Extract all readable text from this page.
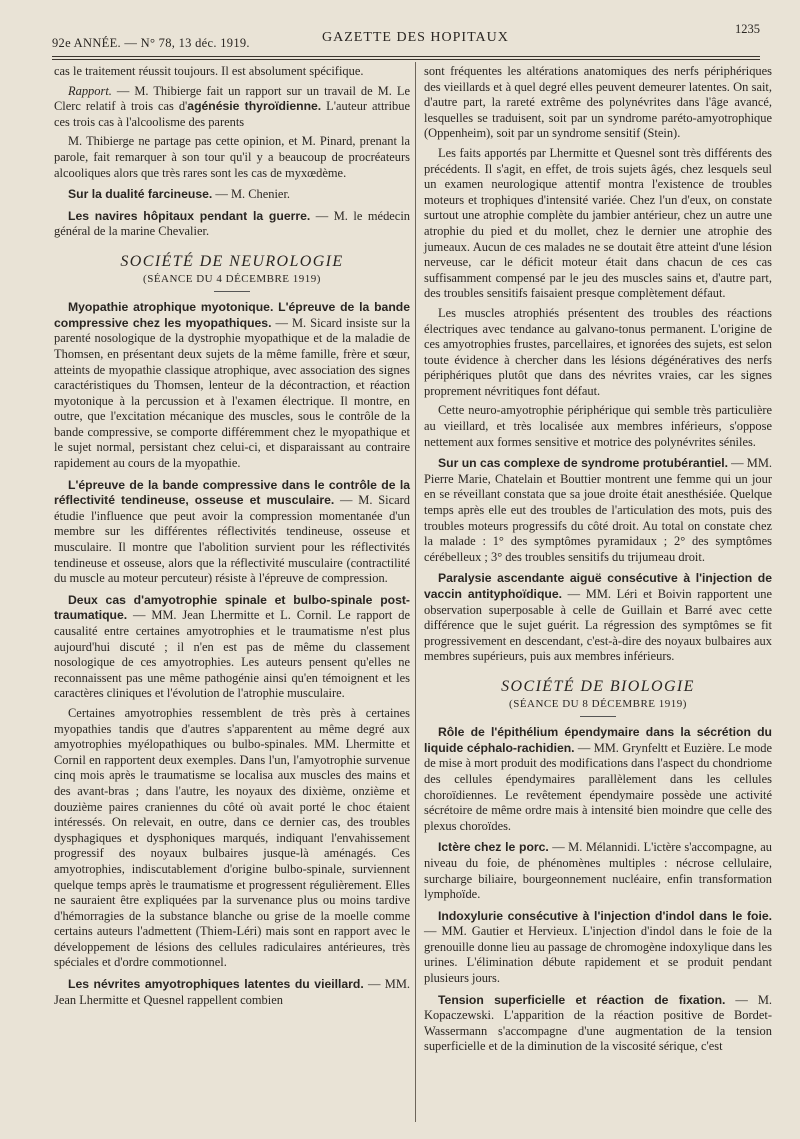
92e ANNÉE. — N° 78, 13 déc. 1919.	GAZETTE DES HOPITAUX
1235

cas le traitement réussit toujours. Il est absolument spécifique.

Rapport. — M. Thibierge fait un rapport sur un travail de M. Le Clerc relatif à trois cas d'agénésie thyroïdienne. L'auteur attribue ces trois cas à l'alcoolisme des parents

M. Thibierge ne partage pas cette opinion, et M. Pinard, prenant la parole, fait remarquer à son tour qu'il y a beaucoup de procréateurs alcooliques alors que très rares sont les cas de myxœdème.

Sur la dualité farcineuse. — M. Chenier.

Les navires hôpitaux pendant la guerre. — M. le médecin général de la marine Chevalier.

SOCIÉTÉ DE NEUROLOGIE

(SÉANCE DU 4 DÉCEMBRE 1919)

Myopathie atrophique myotonique. L'épreuve de la bande compressive chez les myopathiques. — M. Sicard insiste sur la parenté nosologique de la dystrophie myopathique et de la maladie de Thomsen, en présentant deux sujets de la même famille, frère et sœur, atteints de myopathie classique atrophique, avec association des signes caractéristiques du Thomsen, lenteur de la décontraction, et réaction myotonique à la percussion et à l'examen électrique. Il montre, en outre, que l'excitation mécanique des muscles, sous le contrôle de la bande compressive, se comporte différemment chez le myopathique et le sujet normal, persistant chez celui-ci, et disparaissant au contraire rapidement au cours de la myopathie.

L'épreuve de la bande compressive dans le contrôle de la réflectivité tendineuse, osseuse et musculaire. — M. Sicard étudie l'influence que peut avoir la compression momentanée d'un membre sur les différentes réflectivités tendineuse, osseuse et musculaire. Il montre que l'abolition survient pour les réflectivités tendineuse et osseuse, alors que la réflectivité musculaire (contractilité du muscle au moteur percuteur) résiste à l'épreuve de compression.

Deux cas d'amyotrophie spinale et bulbo-spinale post-traumatique. — MM. Jean Lhermitte et L. Cornil. Le rapport de causalité entre certaines amyotrophies et le traumatisme n'est plus aujourd'hui discuté ; il n'en est pas de même du classement nosologique de ces amyotrophies. Les auteurs pensent qu'elles ne reconnaissent pas une même pathogénie ainsi qu'en témoignent et les caractères cliniques et l'évolution de l'atrophie musculaire.

Certaines amyotrophies ressemblent de très près à certaines myopathies tandis que d'autres s'apparentent au même degré aux amyotrophies myélopathiques ou bulbo-spinales. MM. Lhermitte et Cornil en rapportent deux exemples. Dans l'un, l'amyotrophie survenue cinq mois après le traumatisme se localisa aux muscles des mains et des avant-bras ; dans l'autre, les noyaux des dixième, onzième et douzième paires craniennes du côté où avait porté le choc étaient intéressés. On relevait, en outre, dans ce dernier cas, des troubles dysphagiques et dysphoniques marqués, indiquant l'envahissement progressif des noyaux bulbaires jusque-là aménagés. Ces amyotrophies, indiscutablement d'origine bulbo-spinale, surviennent quelque temps après le traumatisme et progressent régulièrement. Elles ne sauraient être expliquées par la survenance plus ou moins tardive d'hémorragies de la substance blanche ou grise de la moelle comme certains auteurs l'admettent (Thiem-Léri) mais sont en rapport avec le développement de lésions des cellules radiculaires antérieures, très spéciales et d'ordre commotionnel.

Les névrites amyotrophiques latentes du vieillard. — MM. Jean Lhermitte et Quesnel rappellent combien

sont fréquentes les altérations anatomiques des nerfs périphériques des vieillards et à quel degré elles peuvent demeurer latentes. On sait, d'autre part, la rareté extrême des polynévrites dans l'âge avancé, lesquelles se traduisent, soit par un syndrome paréto-amyotrophique (Oppenheim), soit par un syndrome sensitif (Stein).

Les faits apportés par Lhermitte et Quesnel sont très différents des précédents. Il s'agit, en effet, de trois sujets âgés, chez lesquels seul un examen neurologique attentif montra l'existence de troubles moteurs et trophiques d'intensité variée. Chez l'un d'eux, on constate surtout une atrophie complète du jambier antérieur, chez un autre une atrophie du pied et du mollet, chez le dernier une atrophie des jumeaux. Aucun de ces malades ne se doutait être atteint d'une lésion nerveuse, car le déficit moteur était dans chacun de ces cas suffisamment compensé par le jeu des muscles sains et, d'autre part, des troubles sensitifs faisaient presque complètement défaut.

Les muscles atrophiés présentent des troubles des réactions électriques avec tendance au galvano-tonus permanent. L'origine de ces amyotrophies frustes, parcellaires, et ignorées des sujets, est selon toute évidence à chercher dans les lésions dégénératives des nerfs périphériques plutôt que dans des névrites vraies, car les signes proprement névritiques font défaut.

Cette neuro-amyotrophie périphérique qui semble très particulière au vieillard, et très localisée aux membres inférieurs, s'oppose nettement aux formes sensitive et motrice des polynévrites séniles.

Sur un cas complexe de syndrome protubérantiel. — MM. Pierre Marie, Chatelain et Bouttier montrent une femme qui un jour en se réveillant constata que sa joue droite était anesthésiée. Quelque temps après elle eut des troubles de l'articulation des mots, puis des troubles moteurs progressifs du côté droit. Au total on constate chez la malade : 1° des symptômes pyramidaux ; 2° des symptômes cérébelleux ; 3° des troubles sensitifs du trijumeau droit.

Paralysie ascendante aiguë consécutive à l'injection de vaccin antityphoïdique. — MM. Léri et Boivin rapportent une observation superposable à celle de Guillain et Barré avec cette différence que le sujet guérit. La régression des symptômes se fit progressivement en descendant, c'est-à-dire des noyaux bulbaires aux membres supérieurs, puis aux membres inférieurs.

SOCIÉTÉ DE BIOLOGIE

(SÉANCE DU 8 DÉCEMBRE 1919)

Rôle de l'épithélium épendymaire dans la sécrétion du liquide céphalo-rachidien. — MM. Grynfeltt et Euzière. Le mode de mise à mort produit des modifications dans l'aspect du chondriome des cellules épendymaires parallèlement dans les cellules choroïdiennes. Le revêtement épendymaire possède une activité sécrétoire de même ordre mais à intensité bien moindre que celle des plexus choroïdes.

Ictère chez le porc. — M. Mélannidi. L'ictère s'accompagne, au niveau du foie, de phénomènes multiples : nécrose cellulaire, surcharge biliaire, bourgeonnement nucléaire, enfin transformation lymphoïde.

Indoxylurie consécutive à l'injection d'indol dans le foie. — MM. Gautier et Hervieux. L'injection d'indol dans le foie de la grenouille donne lieu au passage de chromogène indoxylique dans les urines. L'élimination débute rapidement et se produit pendant plusieurs jours.

Tension superficielle et réaction de fixation. — M. Kopaczewski. L'apparition de la réaction positive de Bordet-Wassermann s'accompagne d'une augmentation de la tension superficielle et de la diminution de la viscosité sérique, c'est
